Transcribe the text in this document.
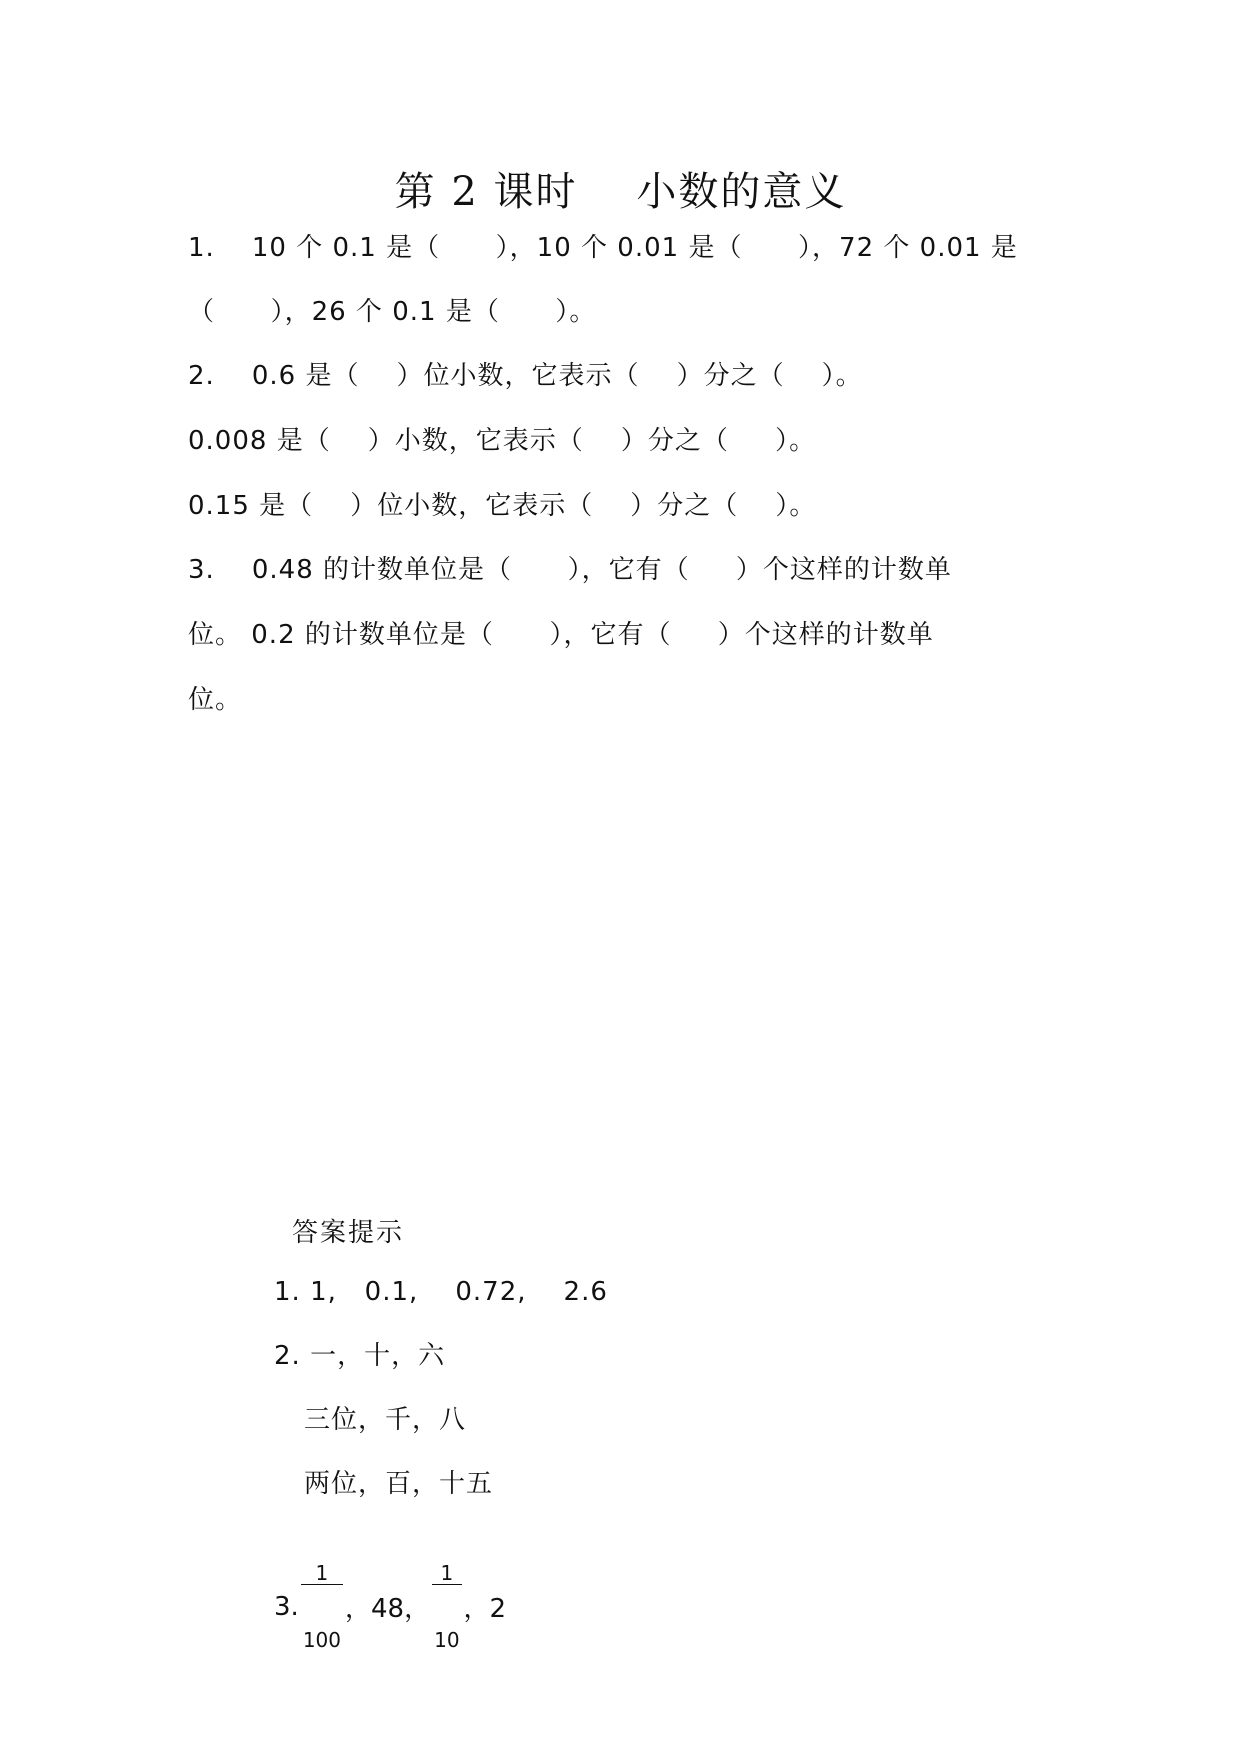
第 2 课时    小数的意义
1.    10 个 0.1 是（      ），10 个 0.01 是（      ），72 个 0.01 是
（      ），26 个 0.1 是（      ）。
2.    0.6 是（    ）位小数，它表示（    ）分之（    ）。
0.008 是（    ）小数，它表示（    ）分之（     ）。
0.15 是（    ）位小数，它表示（    ）分之（    ）。
3.    0.48 的计数单位是（      ），它有（     ）个这样的计数单
位。 0.2 的计数单位是（      ），它有（     ）个这样的计数单
位。
答案提示
1. 1,   0.1,    0.72,    2.6
2. 一，十，六
三位，千，八
两位，百，十五
3.

$\frac{1}{100}$

，48，

$\frac{1}{10}$

，2
